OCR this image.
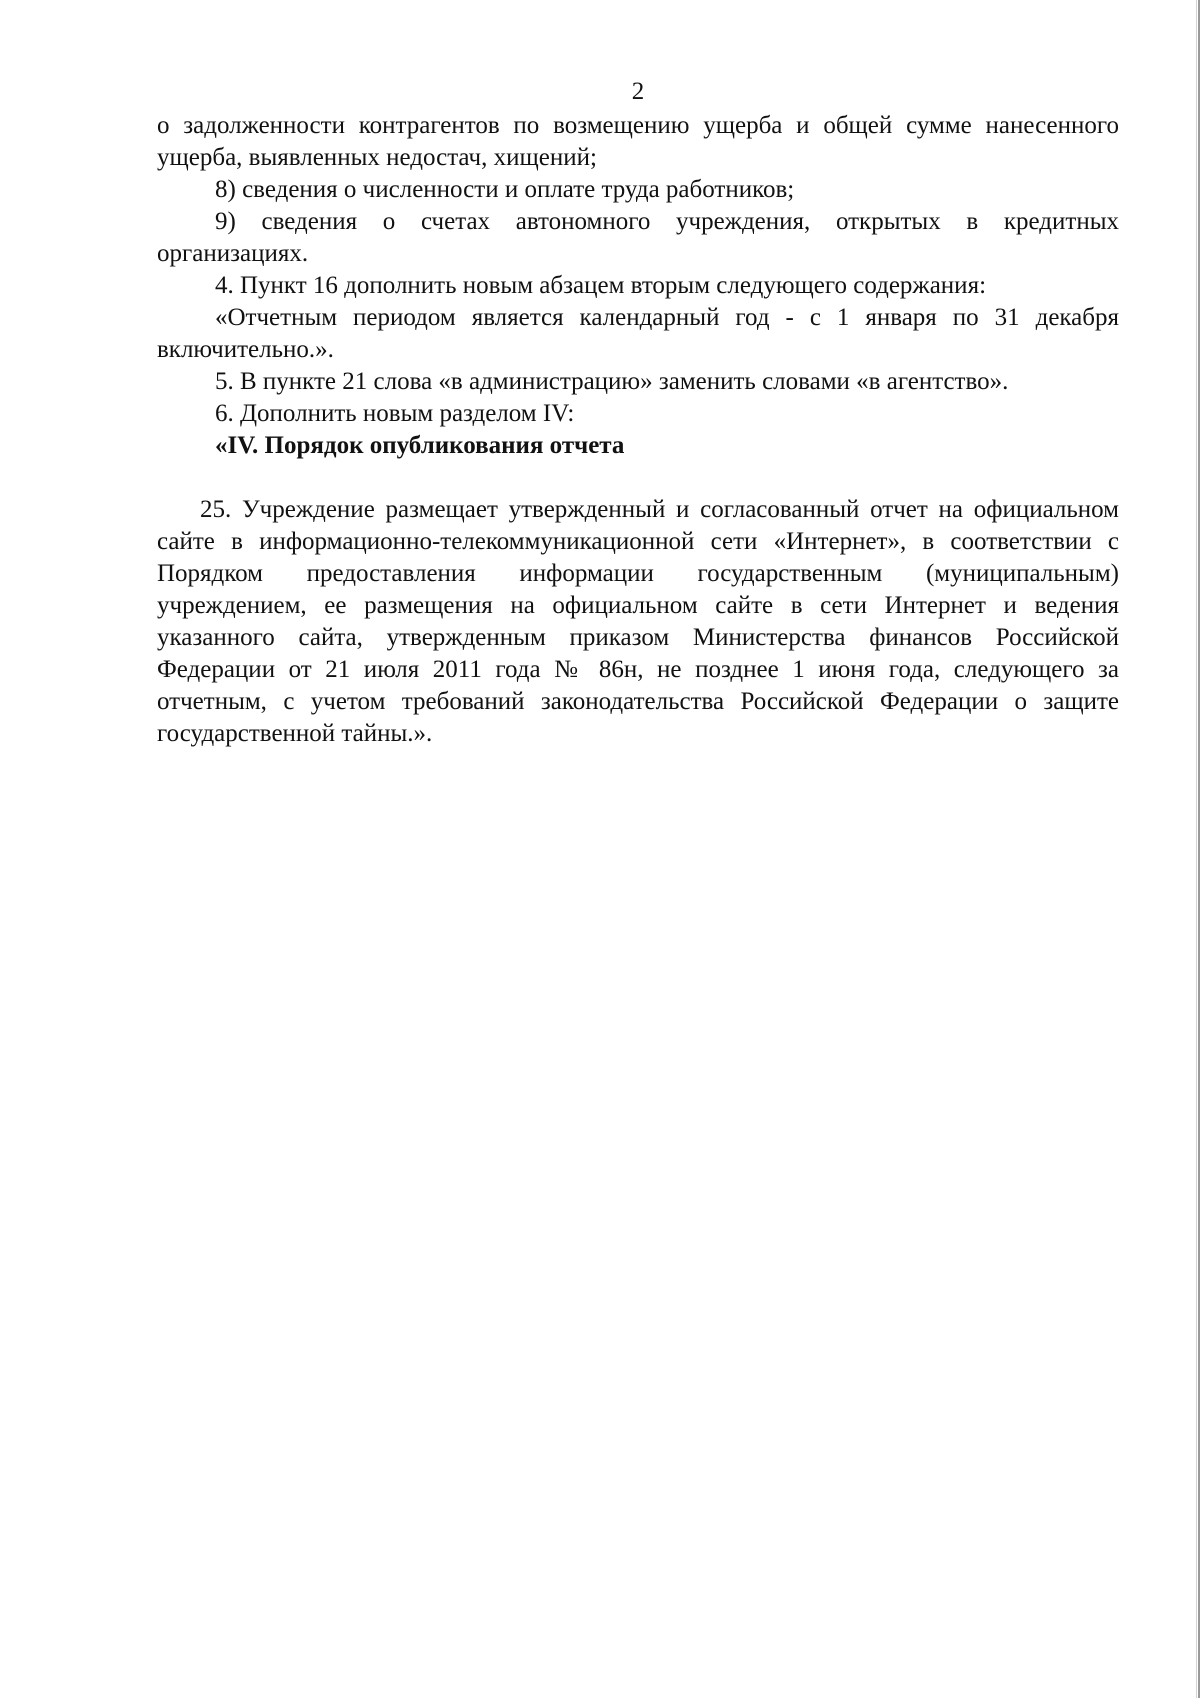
2

о задолженности контрагентов по возмещению ущерба и общей сумме нанесенного ущерба, выявленных недостач, хищений;

8) сведения о численности и оплате труда работников;

9) сведения о счетах автономного учреждения, открытых в кредитных организациях.

4. Пункт 16 дополнить новым абзацем вторым следующего содержания:

«Отчетным периодом является календарный год - с 1 января по 31 декабря включительно.».

5. В пункте 21 слова «в администрацию» заменить словами «в агентство».

6. Дополнить новым разделом IV:

«IV. Порядок опубликования отчета

25. Учреждение размещает утвержденный и согласованный отчет на официальном сайте в информационно-телекоммуникационной сети «Интернет», в соответствии с Порядком предоставления информации государственным (муниципальным) учреждением, ее размещения на официальном сайте в сети Интернет и ведения указанного сайта, утвержденным приказом Министерства финансов Российской Федерации от 21 июля 2011 года № 86н, не позднее 1 июня года, следующего за отчетным, с учетом требований законодательства Российской Федерации о защите государственной тайны.».
